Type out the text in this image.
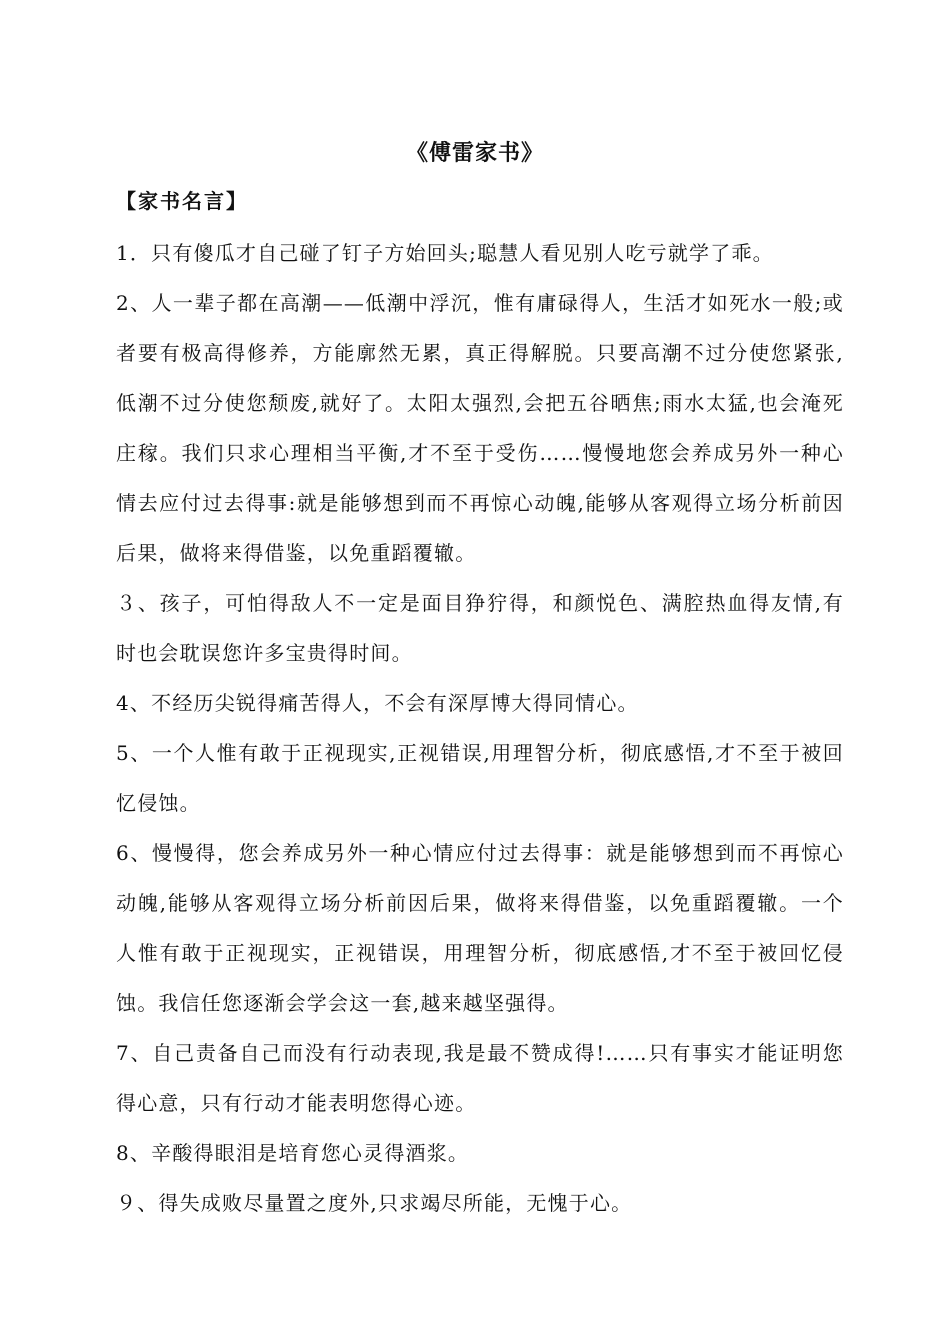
《傅雷家书》
【家书名言】

1．只有傻瓜才自己碰了钉子方始回头;聪慧人看见别人吃亏就学了乖。

2、人一辈子都在高潮——低潮中浮沉，惟有庸碌得人，生活才如死水一般;或者要有极高得修养，方能廓然无累，真正得解脱。只要高潮不过分使您紧张,低潮不过分使您颓废,就好了。太阳太强烈,会把五谷晒焦;雨水太猛,也会淹死庄稼。我们只求心理相当平衡,才不至于受伤……慢慢地您会养成另外一种心情去应付过去得事:就是能够想到而不再惊心动魄,能够从客观得立场分析前因后果，做将来得借鉴，以免重蹈覆辙。

３、孩子，可怕得敌人不一定是面目狰狞得，和颜悦色、满腔热血得友情,有时也会耽误您许多宝贵得时间。

4、不经历尖锐得痛苦得人，不会有深厚博大得同情心。

5、一个人惟有敢于正视现实,正视错误,用理智分析，彻底感悟,才不至于被回忆侵蚀。

6、慢慢得，您会养成另外一种心情应付过去得事：就是能够想到而不再惊心动魄,能够从客观得立场分析前因后果，做将来得借鉴，以免重蹈覆辙。一个人惟有敢于正视现实，正视错误，用理智分析，彻底感悟,才不至于被回忆侵蚀。我信任您逐渐会学会这一套,越来越坚强得。

7、自己责备自己而没有行动表现,我是最不赞成得!……只有事实才能证明您得心意，只有行动才能表明您得心迹。

8、辛酸得眼泪是培育您心灵得酒浆。

９、得失成败尽量置之度外,只求竭尽所能，无愧于心。
